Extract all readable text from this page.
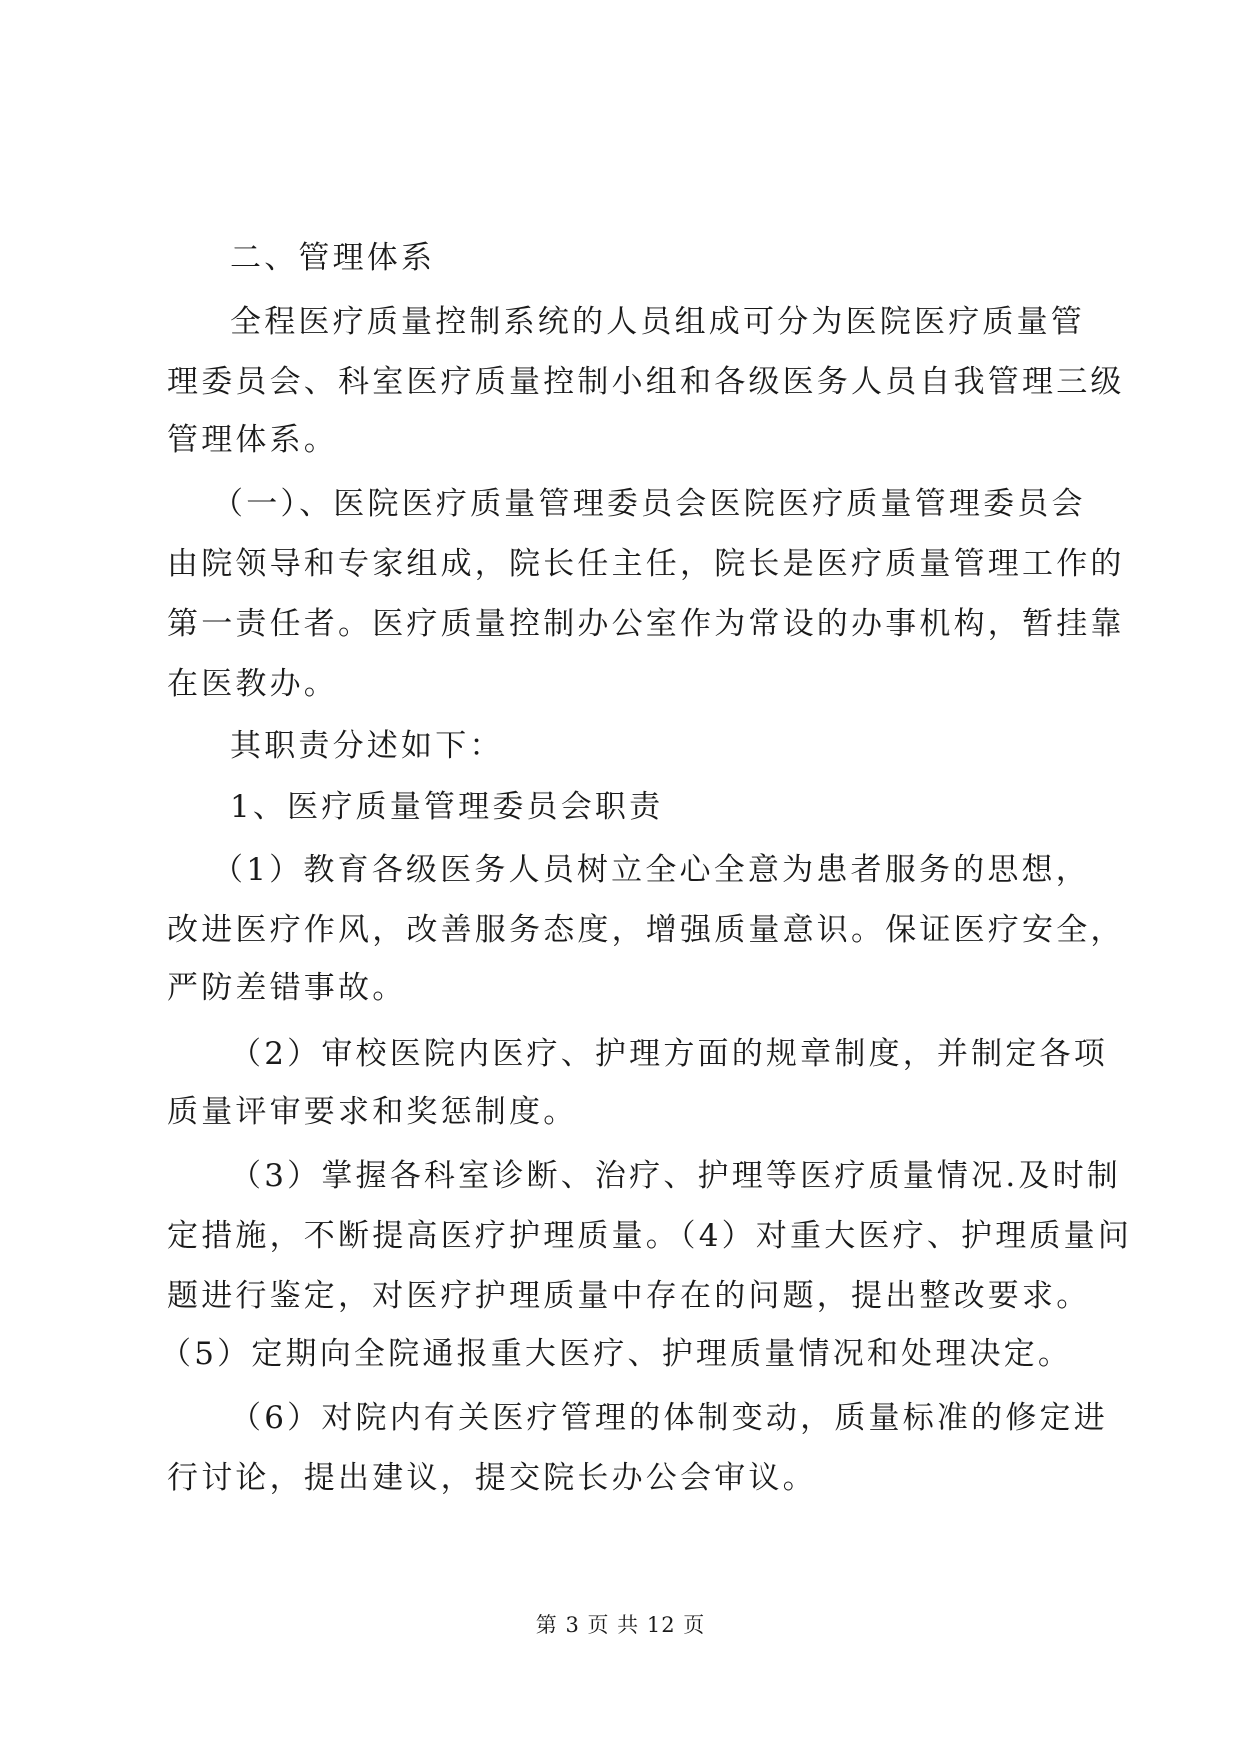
二、管理体系
全程医疗质量控制系统的人员组成可分为医院医疗质量管
理委员会、科室医疗质量控制小组和各级医务人员自我管理三级
管理体系。
（一）、医院医疗质量管理委员会医院医疗质量管理委员会
由院领导和专家组成，院长任主任，院长是医疗质量管理工作的
第一责任者。医疗质量控制办公室作为常设的办事机构，暂挂靠
在医教办。
其职责分述如下：
1、医疗质量管理委员会职责
（1）教育各级医务人员树立全心全意为患者服务的思想，
改进医疗作风，改善服务态度，增强质量意识。保证医疗安全，
严防差错事故。
（2）审校医院内医疗、护理方面的规章制度，并制定各项
质量评审要求和奖惩制度。
（3）掌握各科室诊断、治疗、护理等医疗质量情况.及时制
定措施，不断提高医疗护理质量。（4）对重大医疗、护理质量问
题进行鉴定，对医疗护理质量中存在的问题，提出整改要求。
（5）定期向全院通报重大医疗、护理质量情况和处理决定。
（6）对院内有关医疗管理的体制变动，质量标准的修定进
行讨论，提出建议，提交院长办公会审议。
第 3 页 共 12 页
